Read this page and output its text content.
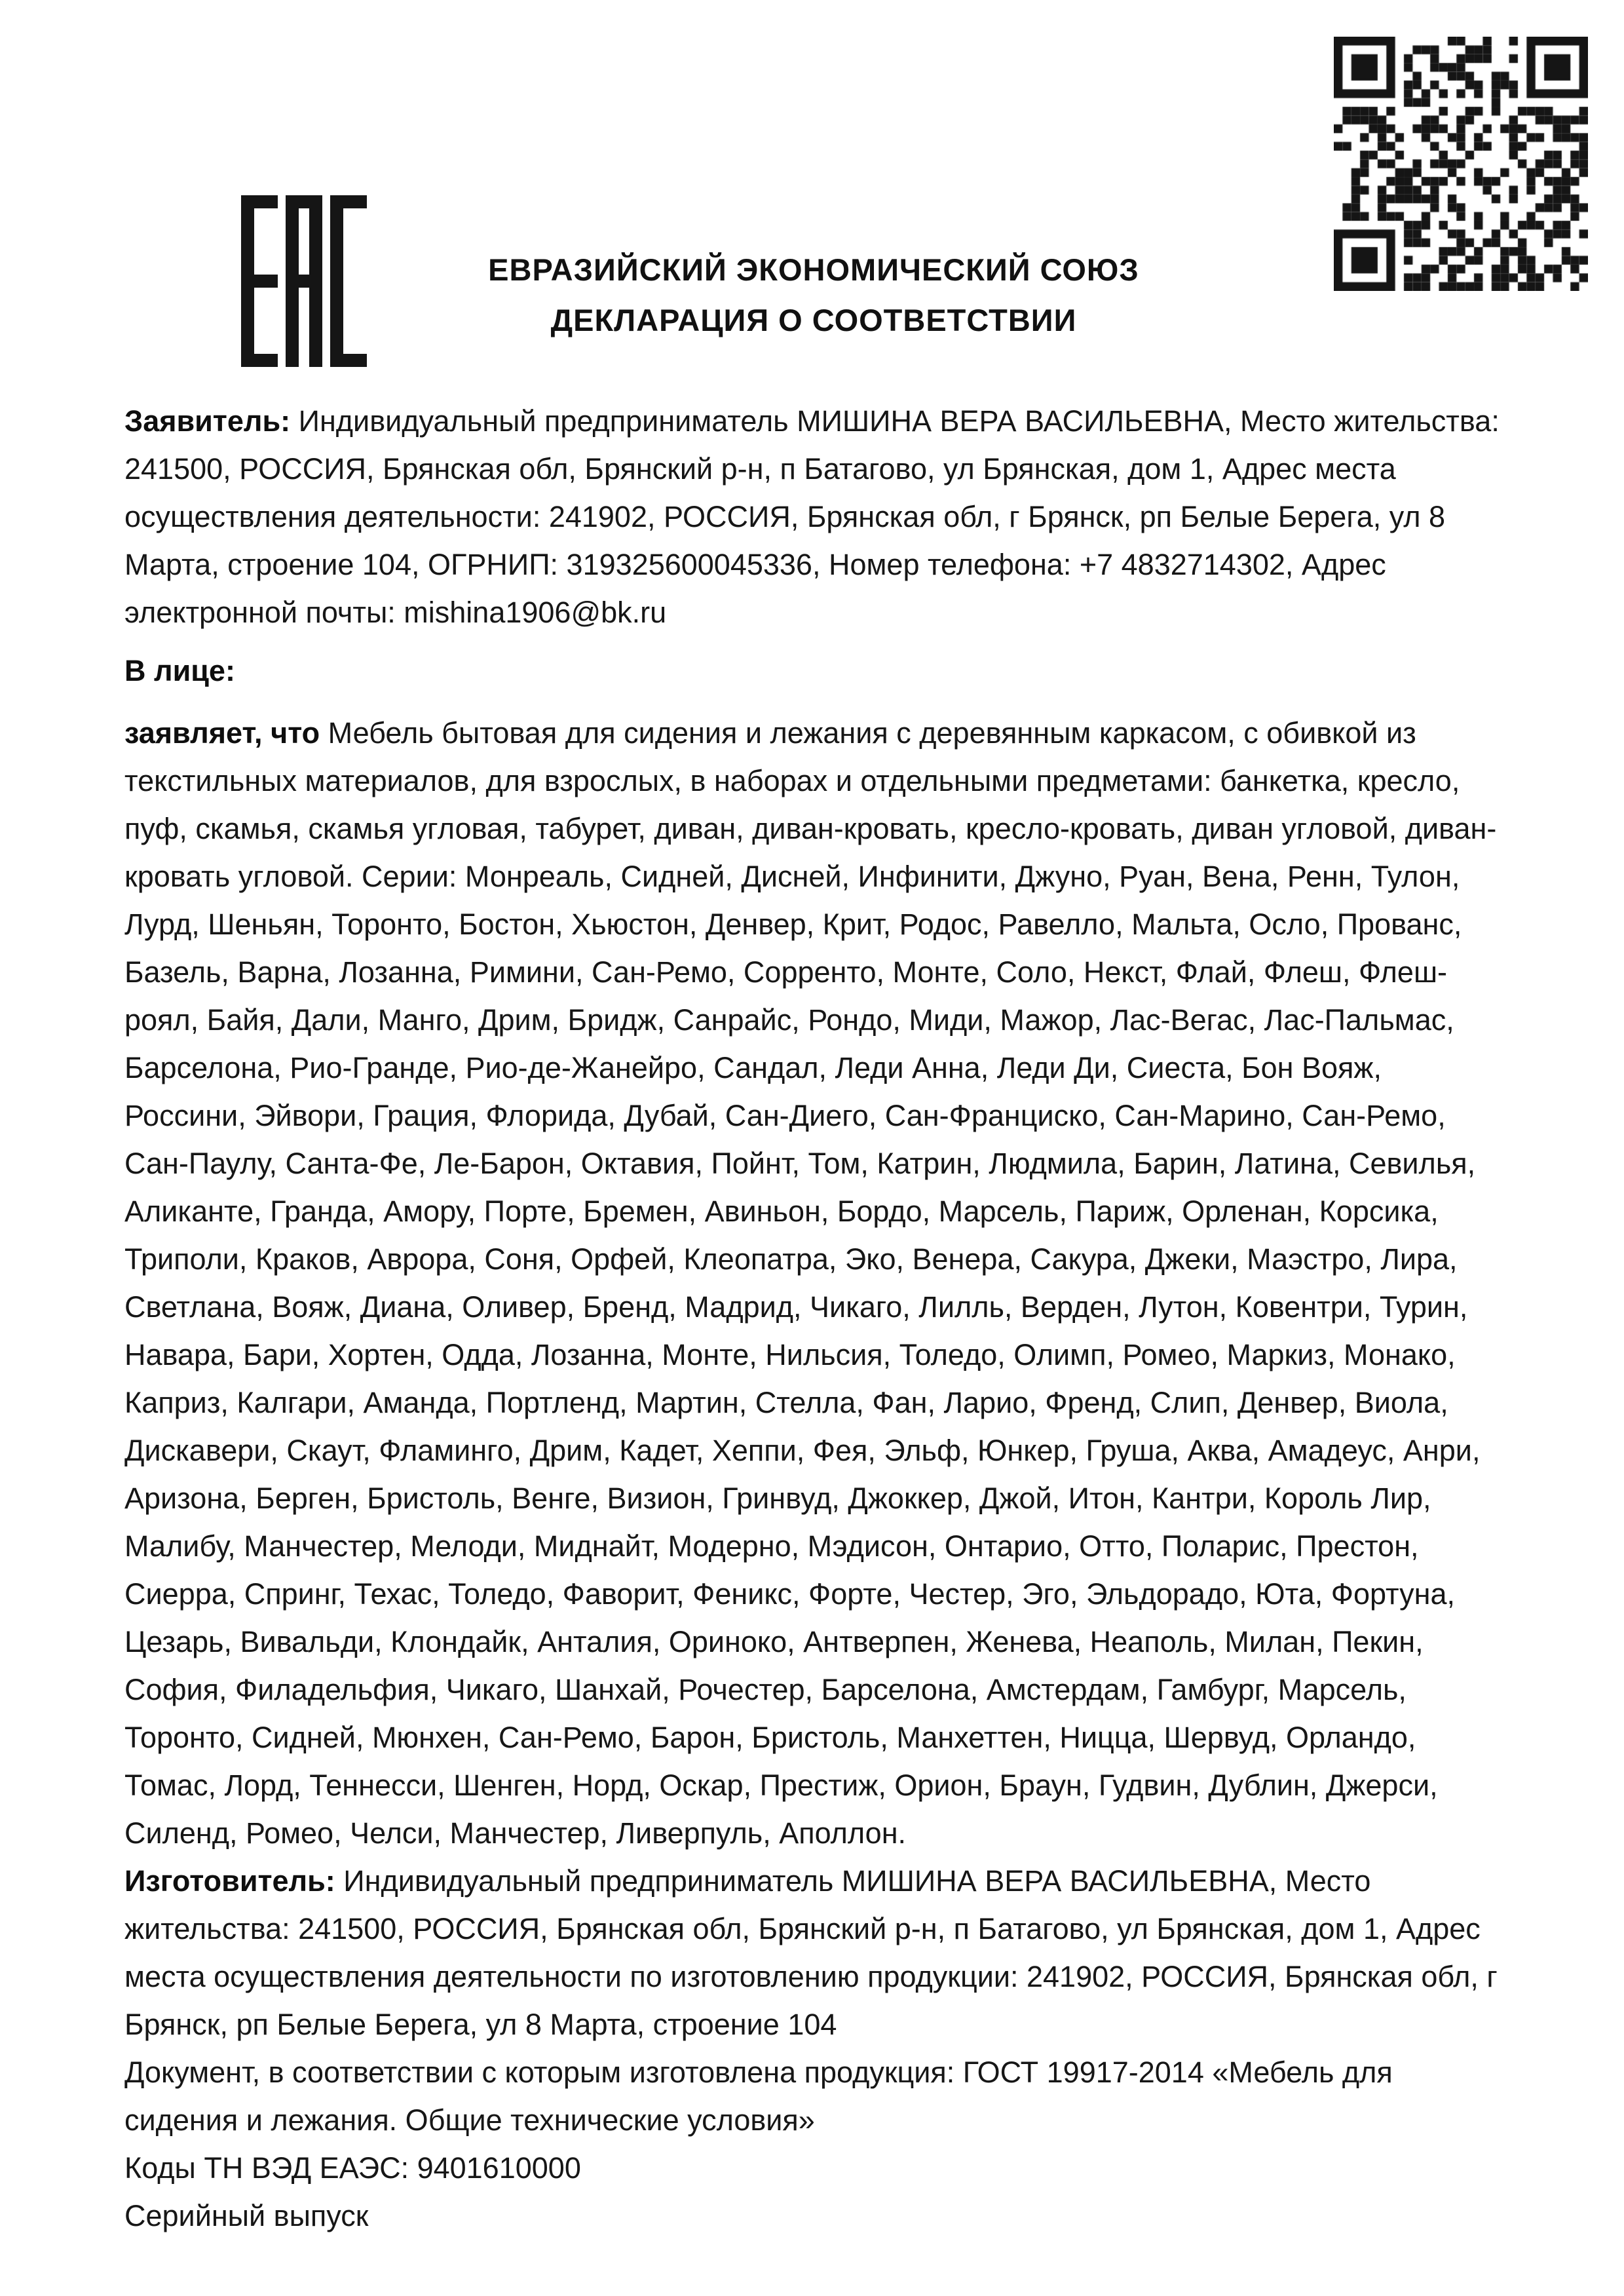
ЕВРАЗИЙСКИЙ ЭКОНОМИЧЕСКИЙ СОЮЗ
ДЕКЛАРАЦИЯ О СООТВЕТСТВИИ

Заявитель: Индивидуальный предприниматель МИШИНА ВЕРА ВАСИЛЬЕВНА, Место жительства: 241500, РОССИЯ, Брянская обл, Брянский р-н, п Батагово, ул Брянская, дом 1, Адрес места осуществления деятельности: 241902, РОССИЯ, Брянская обл, г Брянск, рп Белые Берега, ул 8 Марта, строение 104, ОГРНИП: 319325600045336, Номер телефона: +7 4832714302, Адрес электронной почты: mishina1906@bk.ru

В лице:

заявляет, что Мебель бытовая для сидения и лежания с деревянным каркасом, с обивкой из текстильных материалов, для взрослых, в наборах и отдельными предметами: банкетка, кресло, пуф, скамья, скамья угловая, табурет, диван, диван-кровать, кресло-кровать, диван угловой, диван-кровать угловой. Серии: Монреаль, Сидней, Дисней, Инфинити, Джуно, Руан, Вена, Ренн, Тулон, Лурд, Шеньян, Торонто, Бостон, Хьюстон, Денвер, Крит, Родос, Равелло, Мальта, Осло, Прованс, Базель, Варна, Лозанна, Римини, Сан-Ремо, Сорренто, Монте, Соло, Некст, Флай, Флеш, Флеш-роял, Байя, Дали, Манго, Дрим, Бридж, Санрайс, Рондо, Миди, Мажор, Лас-Вегас, Лас-Пальмас, Барселона, Рио-Гранде, Рио-де-Жанейро, Сандал, Леди Анна, Леди Ди, Сиеста, Бон Вояж, Россини, Эйвори, Грация, Флорида, Дубай, Сан-Диего, Сан-Франциско, Сан-Марино, Сан-Ремо, Сан-Паулу, Санта-Фе, Ле-Барон, Октавия, Пойнт, Том, Катрин, Людмила, Барин, Латина, Севилья, Аликанте, Гранда, Амору, Порте, Бремен, Авиньон, Бордо, Марсель, Париж, Орленан, Корсика, Триполи, Краков, Аврора, Соня, Орфей, Клеопатра, Эко, Венера, Сакура, Джеки, Маэстро, Лира, Светлана, Вояж, Диана, Оливер, Бренд, Мадрид, Чикаго, Лилль, Верден, Лутон, Ковентри, Турин, Навара, Бари, Хортен, Одда, Лозанна, Монте, Нильсия, Толедо, Олимп, Ромео, Маркиз, Монако, Каприз, Калгари, Аманда, Портленд, Мартин, Стелла, Фан, Ларио, Френд, Слип, Денвер, Виола, Дискавери, Скаут, Фламинго, Дрим, Кадет, Хеппи, Фея, Эльф, Юнкер, Груша, Аква, Амадеус, Анри, Аризона, Берген, Бристоль, Венге, Визион, Гринвуд, Джоккер, Джой, Итон, Кантри, Король Лир, Малибу, Манчестер, Мелоди, Миднайт, Модерно, Мэдисон, Онтарио, Отто, Поларис, Престон, Сиерра, Спринг, Техас, Толедо, Фаворит, Феникс, Форте, Честер, Эго, Эльдорадо, Юта, Фортуна, Цезарь, Вивальди, Клондайк, Анталия, Ориноко, Антверпен, Женева, Неаполь, Милан, Пекин, София, Филадельфия, Чикаго, Шанхай, Рочестер, Барселона, Амстердам, Гамбург, Марсель, Торонто, Сидней, Мюнхен, Сан-Ремо, Барон, Бристоль, Манхеттен, Ницца, Шервуд, Орландо, Томас, Лорд, Теннесси, Шенген, Норд, Оскар, Престиж, Орион, Браун, Гудвин, Дублин, Джерси, Силенд, Ромео, Челси, Манчестер, Ливерпуль, Аполлон.

Изготовитель: Индивидуальный предприниматель МИШИНА ВЕРА ВАСИЛЬЕВНА, Место жительства: 241500, РОССИЯ, Брянская обл, Брянский р-н, п Батагово, ул Брянская, дом 1, Адрес места осуществления деятельности по изготовлению продукции: 241902, РОССИЯ, Брянская обл, г Брянск, рп Белые Берега, ул 8 Марта, строение 104

Документ, в соответствии с которым изготовлена продукция: ГОСТ 19917-2014 «Мебель для сидения и лежания. Общие технические условия»

Коды ТН ВЭД ЕАЭС: 9401610000

Серийный выпуск
